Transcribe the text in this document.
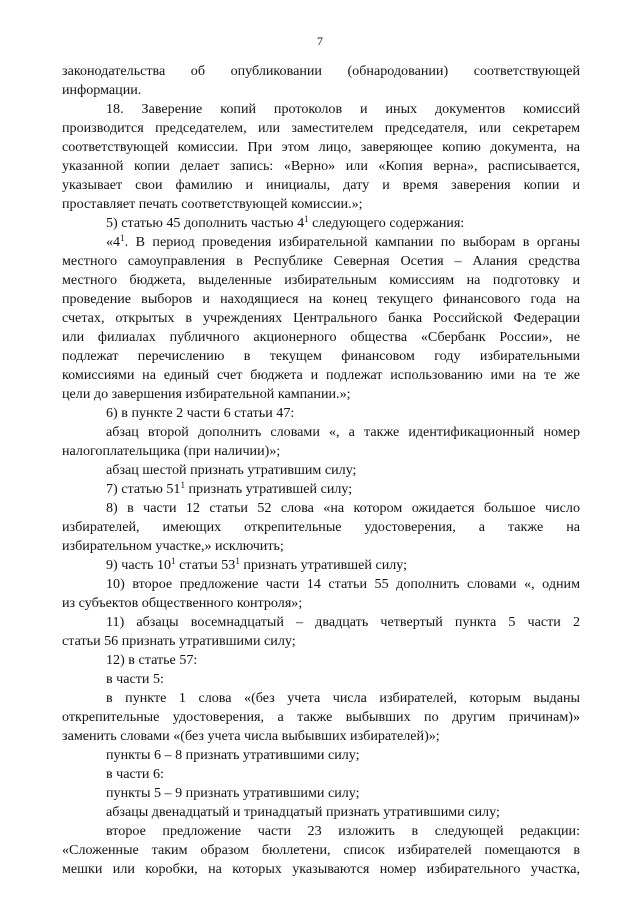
7
законодательства об опубликовании (обнародовании) соответствующей
информации.
18. Заверение копий протоколов и иных документов комиссий
производится председателем, или заместителем председателя, или секретарем
соответствующей комиссии. При этом лицо, заверяющее копию документа, на
указанной копии делает запись: «Верно» или «Копия верна», расписывается,
указывает свои фамилию и инициалы, дату и время заверения копии и
проставляет печать соответствующей комиссии.»;
5) статью 45 дополнить частью $4^1$ следующего содержания:
«$4^1$. В период проведения избирательной кампании по выборам в органы
местного самоуправления в Республике Северная Осетия – Алания средства
местного бюджета, выделенные избирательным комиссиям на подготовку и
проведение выборов и находящиеся на конец текущего финансового года на
счетах, открытых в учреждениях Центрального банка Российской Федерации
или филиалах публичного акционерного общества «Сбербанк России», не
подлежат перечислению в текущем финансовом году избирательными
комиссиями на единый счет бюджета и подлежат использованию ими на те же
цели до завершения избирательной кампании.»;
6) в пункте 2 части 6 статьи 47:
абзац второй дополнить словами «, а также идентификационный номер
налогоплательщика (при наличии)»;
абзац шестой признать утратившим силу;
7) статью $51^1$ признать утратившей силу;
8) в части 12 статьи 52 слова «на котором ожидается большое число
избирателей, имеющих открепительные удостоверения, а также на
избирательном участке,» исключить;
9) часть $10^1$ статьи $53^1$ признать утратившей силу;
10) второе предложение части 14 статьи 55 дополнить словами «, одним
из субъектов общественного контроля»;
11) абзацы восемнадцатый – двадцать четвертый пункта 5 части 2
статьи 56 признать утратившими силу;
12) в статье 57:
в части 5:
в пункте 1 слова «(без учета числа избирателей, которым выданы
открепительные удостоверения, а также выбывших по другим причинам)»
заменить словами «(без учета числа выбывших избирателей)»;
пункты 6 – 8 признать утратившими силу;
в части 6:
пункты 5 – 9 признать утратившими силу;
абзацы двенадцатый и тринадцатый признать утратившими силу;
второе предложение части 23 изложить в следующей редакции:
«Сложенные таким образом бюллетени, список избирателей помещаются в
мешки или коробки, на которых указываются номер избирательного участка,
